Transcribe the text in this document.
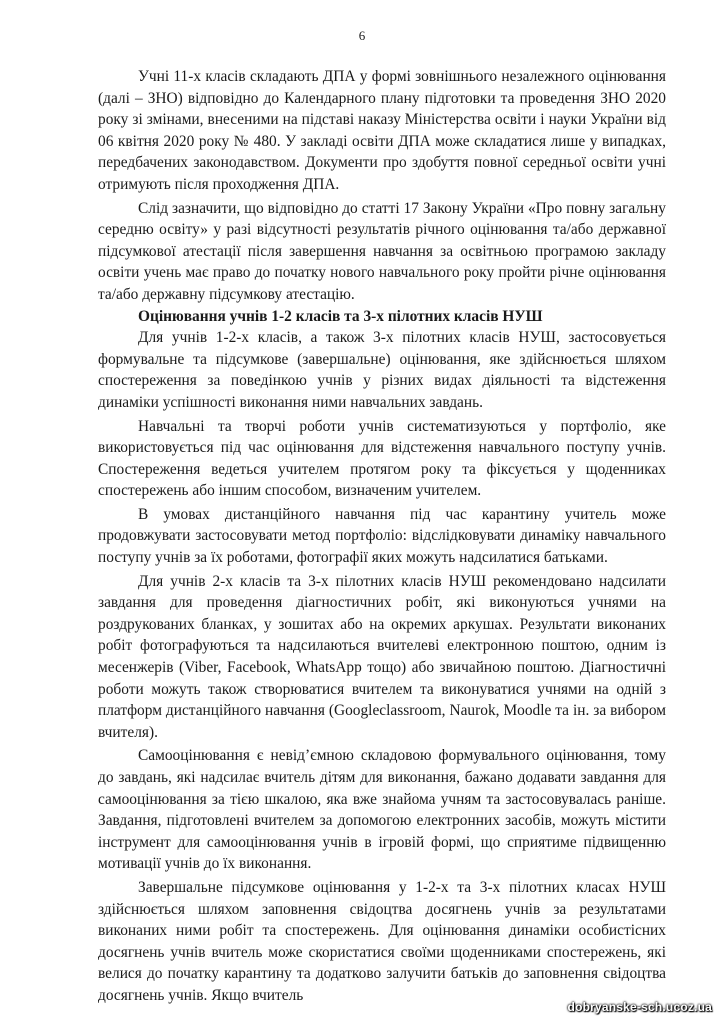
6

Учні 11-х класів складають ДПА у формі зовнішнього незалежного оцінювання (далі – ЗНО) відповідно до Календарного плану підготовки та проведення ЗНО 2020 року зі змінами, внесеними на підставі наказу Міністерства освіти і науки України від 06 квітня 2020 року № 480. У закладі освіти ДПА може складатися лише у випадках, передбачених законодавством. Документи про здобуття повної середньої освіти учні отримують після проходження ДПА.

Слід зазначити, що відповідно до статті 17 Закону України «Про повну загальну середню освіту» у разі відсутності результатів річного оцінювання та/або державної підсумкової атестації після завершення навчання за освітньою програмою закладу освіти учень має право до початку нового навчального року пройти річне оцінювання та/або державну підсумкову атестацію.

Оцінювання учнів 1-2 класів та 3-х пілотних класів НУШ

Для учнів 1-2-х класів, а також 3-х пілотних класів НУШ, застосовується формувальне та підсумкове (завершальне) оцінювання, яке здійснюється шляхом спостереження за поведінкою учнів у різних видах діяльності та відстеження динаміки успішності виконання ними навчальних завдань.

Навчальні та творчі роботи учнів систематизуються у портфоліо, яке використовується під час оцінювання для відстеження навчального поступу учнів. Спостереження ведеться учителем протягом року та фіксується у щоденниках спостережень або іншим способом, визначеним учителем.

В умовах дистанційного навчання під час карантину учитель може продовжувати застосовувати метод портфоліо: відслідковувати динаміку навчального поступу учнів за їх роботами, фотографії яких можуть надсилатися батьками.

Для учнів 2-х класів та 3-х пілотних класів НУШ рекомендовано надсилати завдання для проведення діагностичних робіт, які виконуються учнями на роздрукованих бланках, у зошитах або на окремих аркушах. Результати виконаних робіт фотографуються та надсилаються вчителеві електронною поштою, одним із месенжерів (Viber, Facebook, WhatsApp тощо) або звичайною поштою. Діагностичні роботи можуть також створюватися вчителем та виконуватися учнями на одній з платформ дистанційного навчання (Googleclassroom, Naurok, Moodle та ін. за вибором вчителя).

Самооцінювання є невід’ємною складовою формувального оцінювання, тому до завдань, які надсилає вчитель дітям для виконання, бажано додавати завдання для самооцінювання за тією шкалою, яка вже знайома учням та застосовувалась раніше. Завдання, підготовлені вчителем за допомогою електронних засобів, можуть містити інструмент для самооцінювання учнів в ігровій формі, що сприятиме підвищенню мотивації учнів до їх виконання.

Завершальне підсумкове оцінювання у 1-2-х та 3-х пілотних класах НУШ здійснюється шляхом заповнення свідоцтва досягнень учнів за результатами виконаних ними робіт та спостережень. Для оцінювання динаміки особистісних досягнень учнів вчитель може скористатися своїми щоденниками спостережень, які велися до початку карантину та додатково залучити батьків до заповнення свідоцтва досягнень учнів. Якщо вчитель

dobryanske-sch.ucoz.ua
